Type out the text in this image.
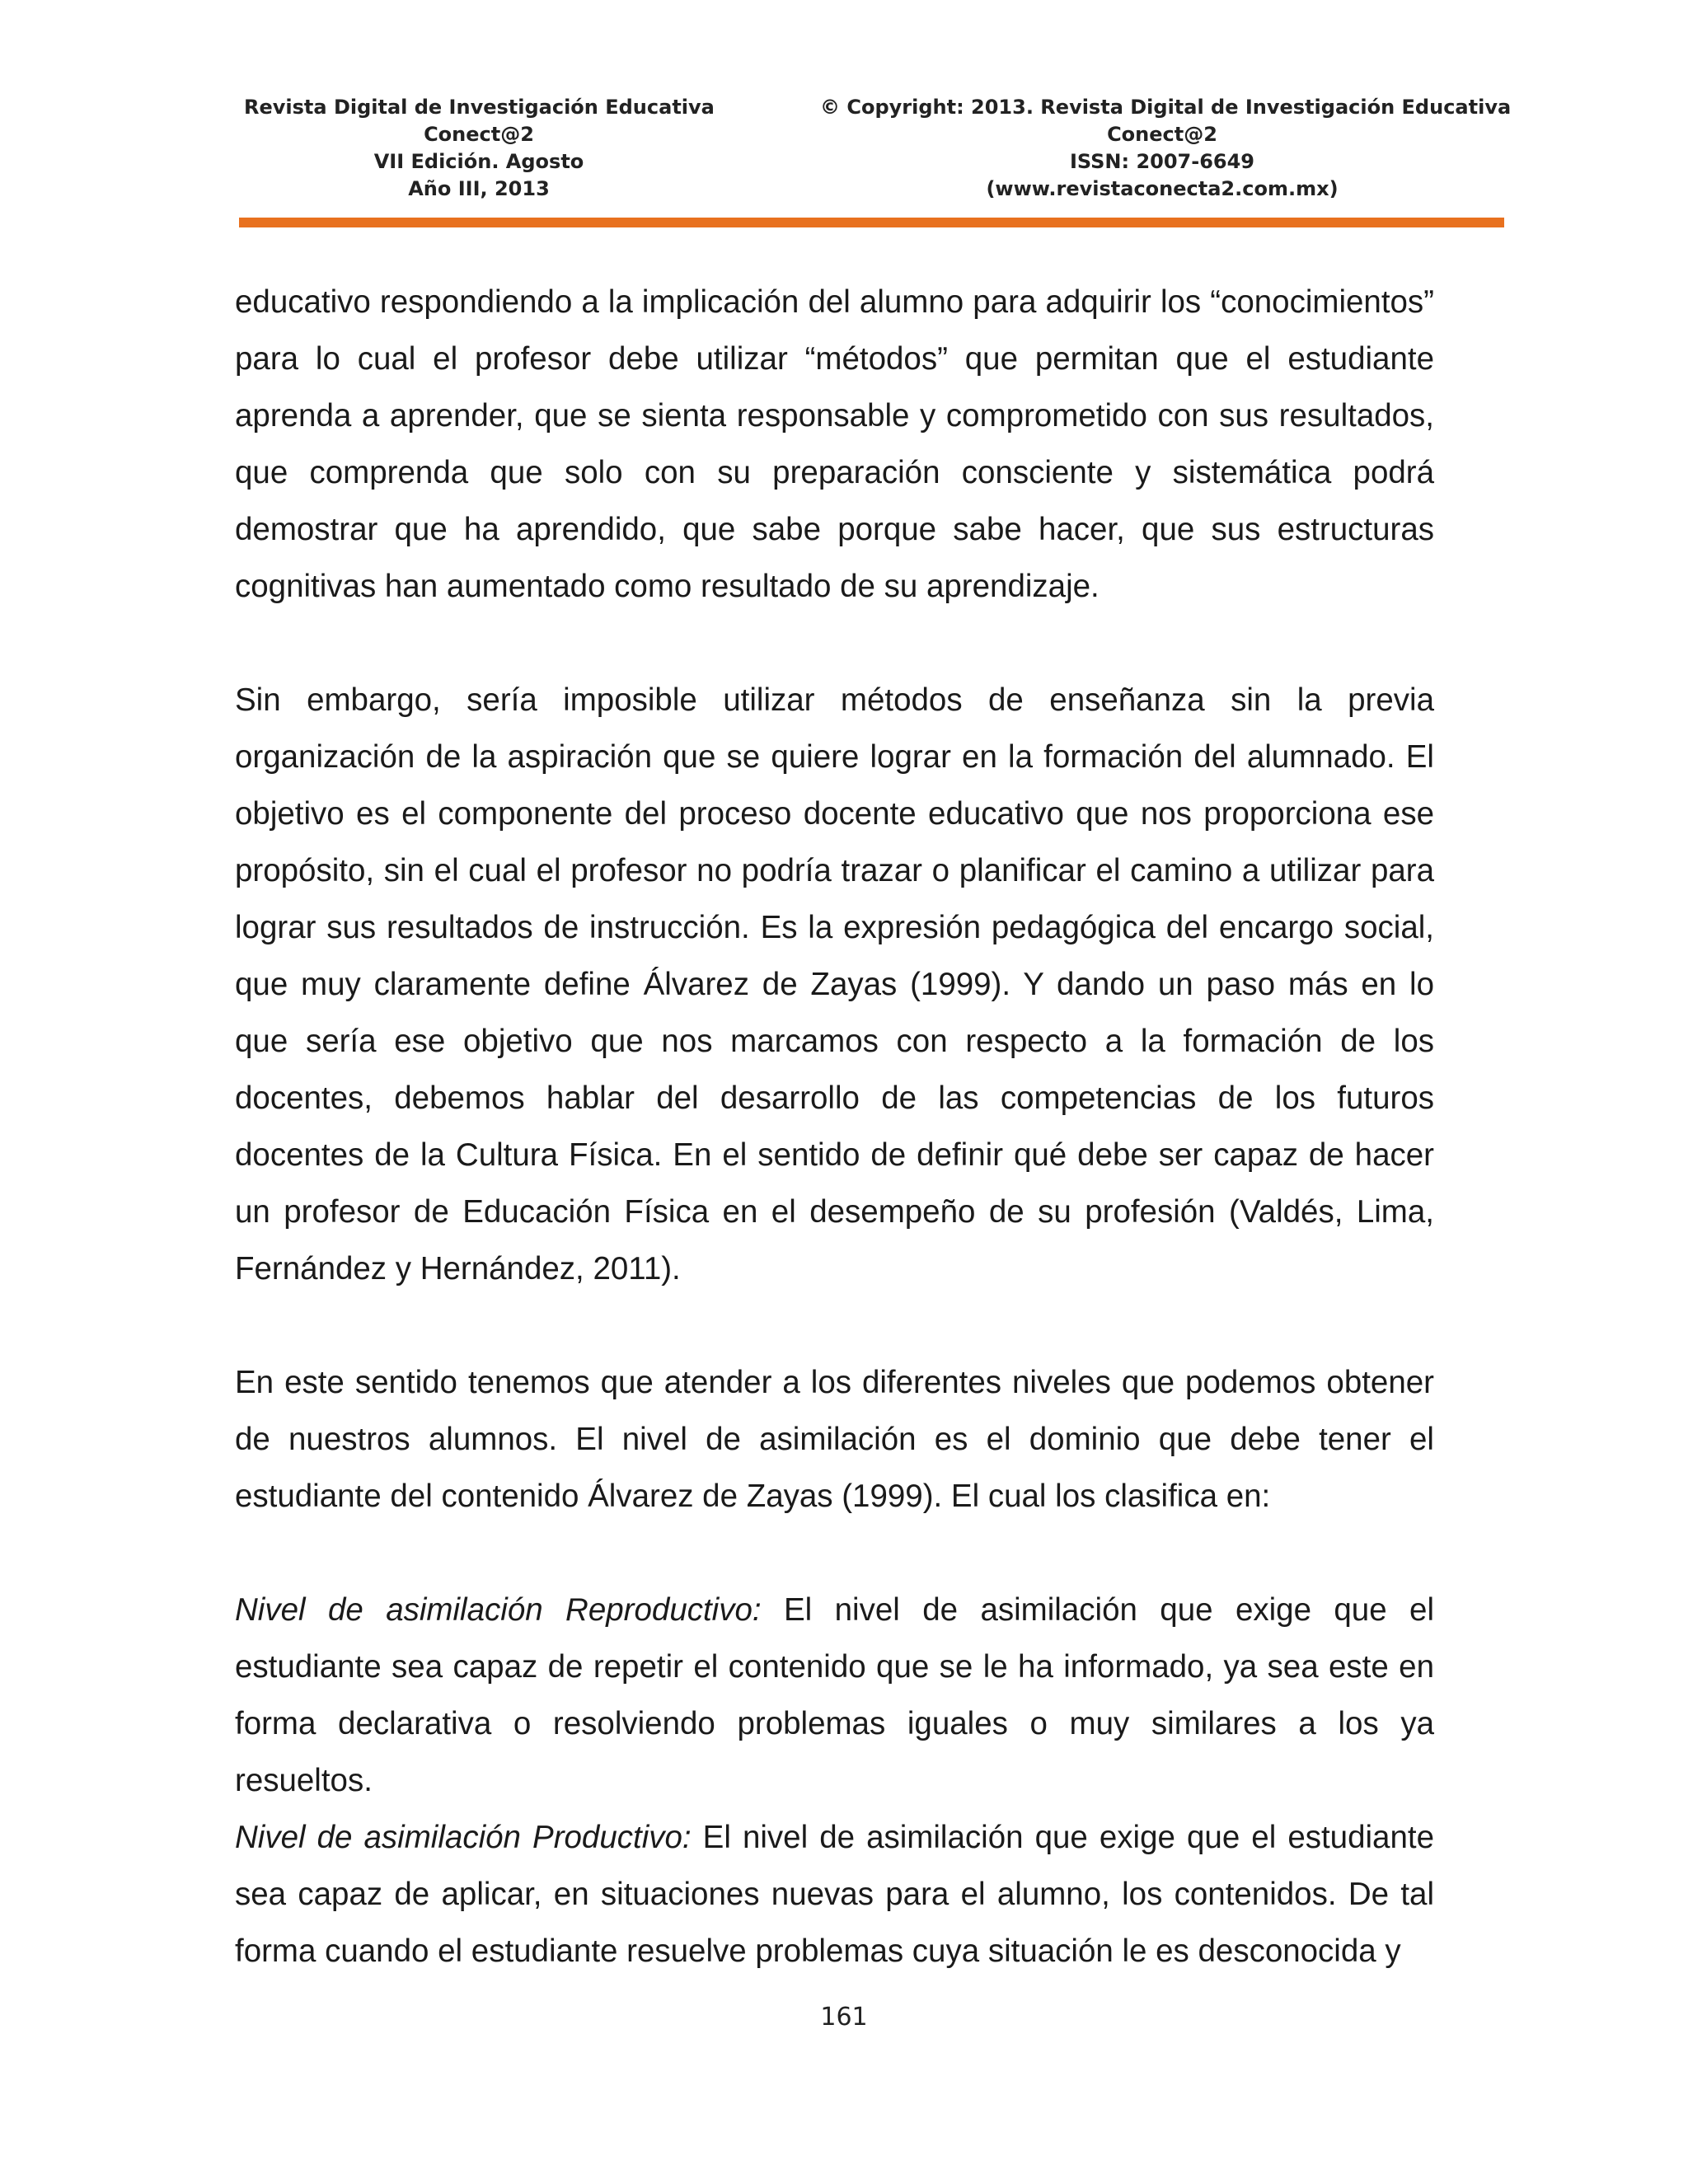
Revista Digital de Investigación Educativa
Conect@2
VII Edición. Agosto
Año III, 2013
© Copyright: 2013. Revista Digital de Investigación Educativa
Conect@2
ISSN: 2007-6649
(www.revistaconecta2.com.mx)

educativo respondiendo a la implicación del alumno para adquirir los “conocimientos” para lo cual el profesor debe utilizar “métodos” que permitan que el estudiante aprenda a aprender, que se sienta responsable y comprometido con sus resultados, que comprenda que solo con su preparación consciente y sistemática podrá demostrar que ha aprendido, que sabe porque sabe hacer, que sus estructuras cognitivas han aumentado como resultado de su aprendizaje.

Sin embargo, sería imposible utilizar métodos de enseñanza sin la previa organización de la aspiración que se quiere lograr en la formación del alumnado. El objetivo es el componente del proceso docente educativo que nos proporciona ese propósito, sin el cual el profesor no podría trazar o planificar el camino a utilizar para lograr sus resultados de instrucción. Es la expresión pedagógica del encargo social, que muy claramente define Álvarez de Zayas (1999). Y dando un paso más en lo que sería ese objetivo que nos marcamos con respecto a la formación de los docentes, debemos hablar del desarrollo de las competencias de los futuros docentes de la Cultura Física. En el sentido de definir qué debe ser capaz de hacer un profesor de Educación Física en el desempeño de su profesión (Valdés, Lima, Fernández y Hernández, 2011).

En este sentido tenemos que atender a los diferentes niveles que podemos obtener de nuestros alumnos. El nivel de asimilación es el dominio que debe tener el estudiante del contenido Álvarez de Zayas (1999). El cual los clasifica en:

Nivel de asimilación Reproductivo: El nivel de asimilación que exige que el estudiante sea capaz de repetir el contenido que se le ha informado, ya sea este en forma declarativa o resolviendo problemas iguales o muy similares a los ya resueltos.

Nivel de asimilación Productivo: El nivel de asimilación que exige que el estudiante sea capaz de aplicar, en situaciones nuevas para el alumno, los contenidos. De tal forma cuando el estudiante resuelve problemas cuya situación le es desconocida y

161
